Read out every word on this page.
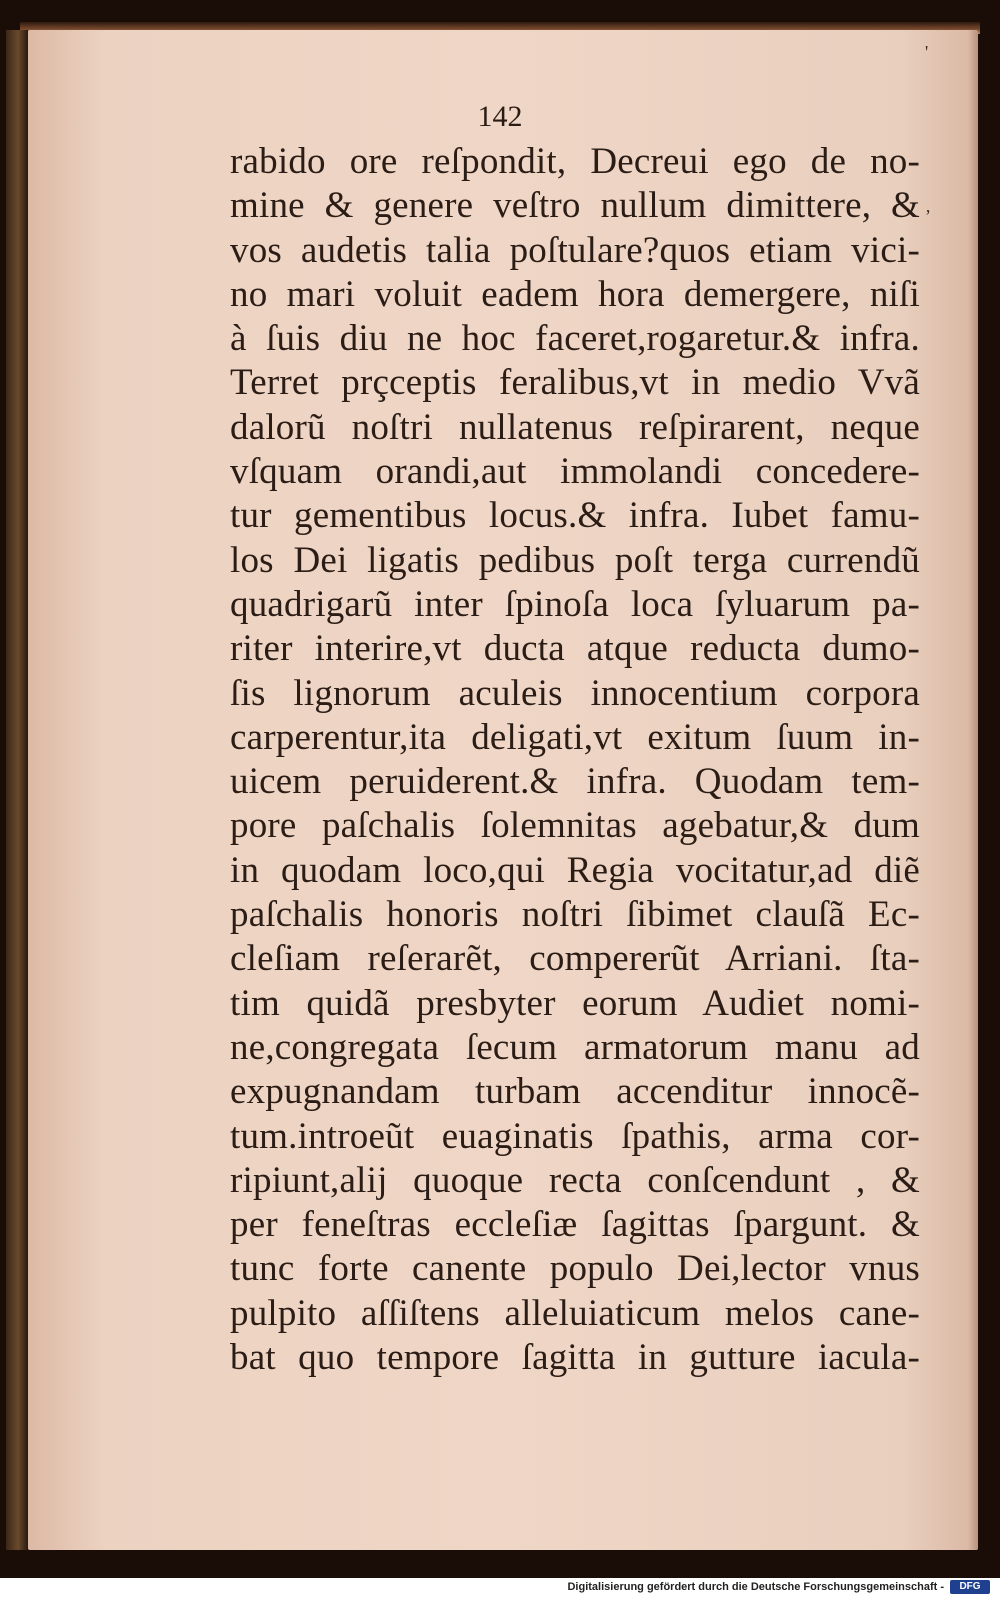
142
'
‚
rabido ore reſpondit, Decreui ego de no-
mine & genere veſtro nullum dimittere, &
vos audetis talia poſtulare?quos etiam vici-
no mari voluit eadem hora demergere, niſi
à ſuis diu ne hoc faceret,rogaretur.& infra.
Terret prçceptis feralibus,vt in medio Vvã
dalorũ noſtri nullatenus reſpirarent, neque
vſquam orandi,aut immolandi concedere-
tur gementibus locus.& infra. Iubet famu-
los Dei ligatis pedibus poſt terga currendũ
quadrigarũ inter ſpinoſa loca ſyluarum pa-
riter interire,vt ducta atque reducta dumo-
ſis lignorum aculeis innocentium corpora
carperentur,ita deligati,vt exitum ſuum in-
uicem peruiderent.& infra. Quodam tem-
pore paſchalis ſolemnitas agebatur,& dum
in quodam loco,qui Regia vocitatur,ad diẽ
paſchalis honoris noſtri ſibimet clauſã Ec-
cleſiam reſerarẽt, compererũt Arriani. ſta-
tim quidã presbyter eorum Audiet nomi-
ne,congregata ſecum armatorum manu ad
expugnandam turbam accenditur innocẽ-
tum.introeũt euaginatis ſpathis, arma cor-
ripiunt,alij quoque recta conſcendunt , &
per feneſtras eccleſiæ ſagittas ſpargunt. &
tunc forte canente populo Dei,lector vnus
pulpito aſſiſtens alleluiaticum melos cane-
bat quo tempore ſagitta in gutture iacula-
Digitalisierung gefördert durch die Deutsche Forschungsgemeinschaft -	DFG
